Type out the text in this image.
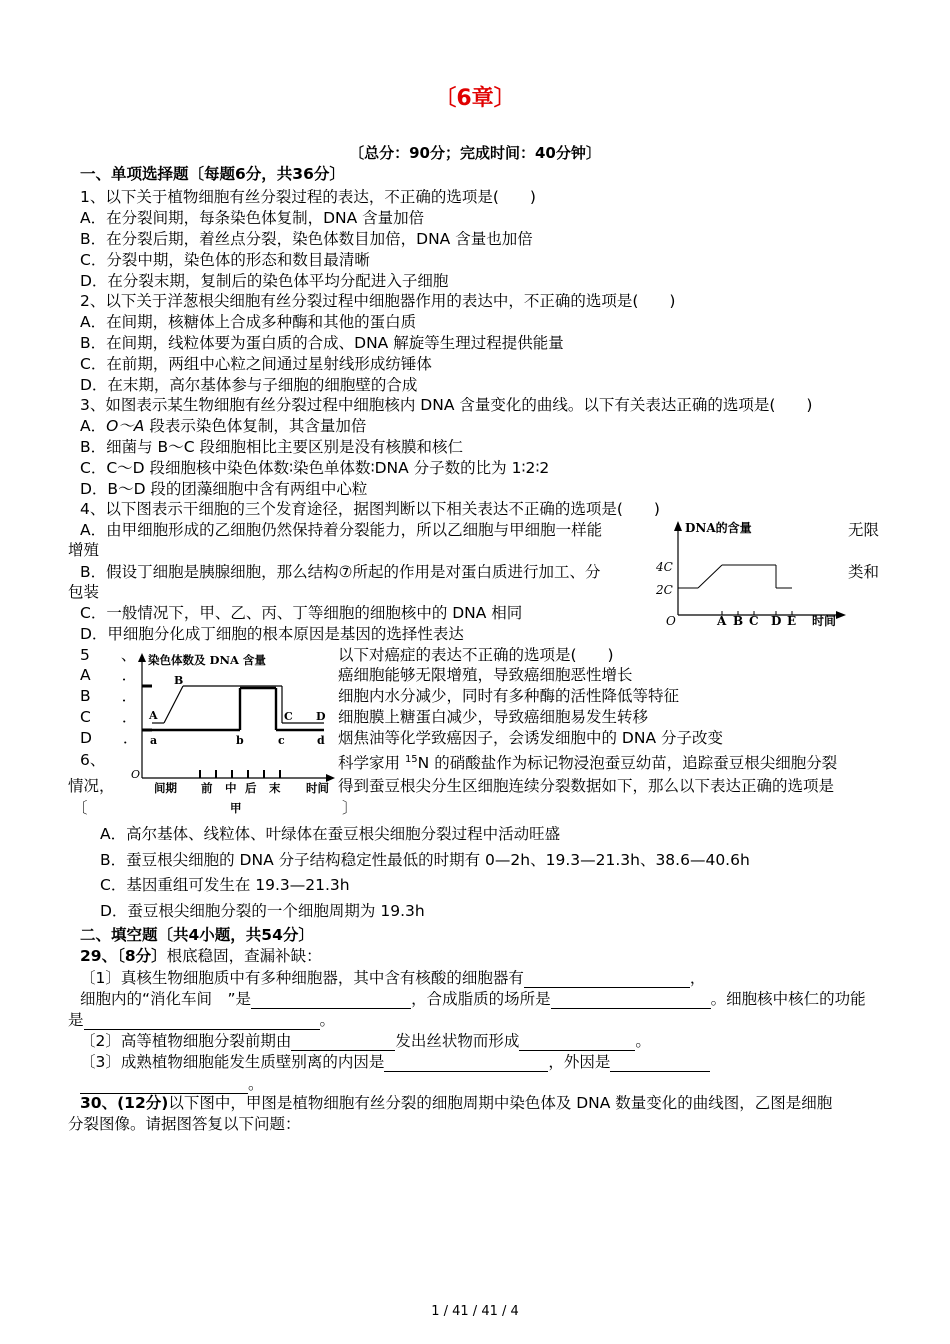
〔6章〕
〔总分：90分；完成时间：40分钟〕
一、单项选择题〔每题6分，共36分〕
1、以下关于植物细胞有丝分裂过程的表达，不正确的选项是(　　)
A．在分裂间期，每条染色体复制，DNA 含量加倍
B．在分裂后期，着丝点分裂，染色体数目加倍，DNA 含量也加倍
C．分裂中期，染色体的形态和数目最清晰
D．在分裂末期，复制后的染色体平均分配进入子细胞
2、以下关于洋葱根尖细胞有丝分裂过程中细胞器作用的表达中，不正确的选项是(　　)
A．在间期，核糖体上合成多种酶和其他的蛋白质
B．在间期，线粒体要为蛋白质的合成、DNA 解旋等生理过程提供能量
C．在前期，两组中心粒之间通过星射线形成纺锤体
D．在末期，高尔基体参与子细胞的细胞壁的合成
3、如图表示某生物细胞有丝分裂过程中细胞核内 DNA 含量变化的曲线。以下有关表达正确的选项是(　　)
A．O～A 段表示染色体复制，其含量加倍
B．细菌与 B～C 段细胞相比主要区别是没有核膜和核仁
C．C～D 段细胞核中染色体数∶染色单体数∶DNA 分子数的比为 1∶2∶2
D．B～D 段的团藻细胞中含有两组中心粒
4、以下图表示干细胞的三个发育途径，据图判断以下相关表达不正确的选项是(　　)
A．由甲细胞形成的乙细胞仍然保持着分裂能力，所以乙细胞与甲细胞一样能	无限
增殖
B．假设丁细胞是胰腺细胞，那么结构⑦所起的作用是对蛋白质进行加工、分	类和
包装
C．一般情况下，甲、乙、丙、丁等细胞的细胞核中的 DNA 相同
D．甲细胞分化成丁细胞的根本原因是基因的选择性表达
DNA的含量
4C
2C
O	A B C D E 时间
5　　、	以下对癌症的表达不正确的选项是(　　)
A　　．	癌细胞能够无限增殖，导致癌细胞恶性增长
B　　．	细胞内水分减少，同时有多种酶的活性降低等特征
C　　．	细胞膜上糖蛋白减少，导致癌细胞易发生转移
D　　．	烟焦油等化学致癌因子，会诱发细胞中的 DNA 分子改变
6、	科学家用 $^{15}$N 的硝酸盐作为标记物浸泡蚕豆幼苗，追踪蚕豆根尖细胞分裂
情况，	得到蚕豆根尖分生区细胞连续分裂数据如下，那么以下表达正确的选项是
〔	〕
染色体数及 DNA 含量
B
A	C D
a	b	c	d
O
间期 前 中 后 末 时间
甲
A．高尔基体、线粒体、叶绿体在蚕豆根尖细胞分裂过程中活动旺盛
B．蚕豆根尖细胞的 DNA 分子结构稳定性最低的时期有 0—2h、19.3—21.3h、38.6—40.6h
C．基因重组可发生在 19.3—21.3h
D．蚕豆根尖细胞分裂的一个细胞周期为 19.3h
二、填空题〔共4小题，共54分〕
29、〔8分〕根底稳固，查漏补缺：
〔1〕真核生物细胞质中有多种细胞器，其中含有核酸的细胞器有	，
细胞内的“消化车间　”是	，合成脂质的场所是	。细胞核中核仁的功能
是	。
〔2〕高等植物细胞分裂前期由	发出丝状物而形成	。
〔3〕成熟植物细胞能发生质壁别离的内因是	，外因是
。
30、(12分)以下图中，甲图是植物细胞有丝分裂的细胞周期中染色体及 DNA 数量变化的曲线图，乙图是细胞
分裂图像。请据图答复以下问题：
1 / 41 / 41 / 4
